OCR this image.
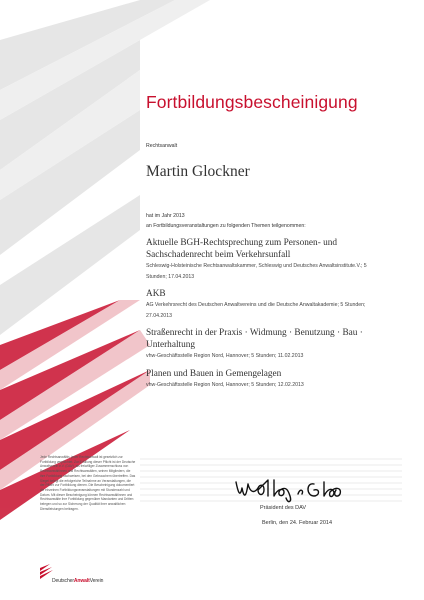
Fortbildungsbescheinigung
Rechtsanwalt
Martin Glockner
hat im Jahr 2013
an Fortbildungsveranstaltungen zu folgenden Themen teilgenommen:
Aktuelle BGH-Rechtsprechung zum Personen- und Sachschadenrecht beim Verkehrsunfall
Schleswig-Holsteinische Rechtsanwaltskammer, Schleswig und Deutsches Anwaltsinstitute.V.; 5 Stunden; 17.04.2013
AKB
AG Verkehrsrecht des Deutschen Anwaltvereins und die Deutsche Anwaltakademie; 5 Stunden; 27.04.2013
Straßenrecht in der Praxis · Widmung · Benutzung · Bau · Unterhaltung
vhw-Geschäftsstelle Region Nord, Hannover; 5 Stunden; 11.02.2013
Planen und Bauen in Gemengelagen
vhw-Geschäftsstelle Region Nord, Hannover; 5 Stunden; 12.02.2013
Jede Rechtsanwältin, jeder Rechtsanwalt ist gesetzlich zur Fortbildung verpflichtet. Zur Erfüllung dieser Pflicht ist der Deutsche Anwaltverein e.V. (DAV), als freiwilliger Zusammenschluss von Rechtsanwältinnen und Rechtsanwälten, seinen Mitgliedern, die ihre Fortbildung nachweisen, bei den Gebrauchern übertreffen. Das Siegel belegt die erfolgreiche Teilnahme an Veranstaltungen, die der Pflicht zur Fortbildung dienen. Die Bescheinigung dokumentiert die einzelnen Fortbildungsveranstaltungen mit Stundenzahl und Datum. Mit dieser Bescheinigung können Rechtsanwältinnen und Rechtsanwälte ihre Fortbildung gegenüber Mandanten und Dritten belegen und so zur Sicherung der Qualität ihrer anwaltlichen Dienstleistungen beitragen.	Präsident des DAV
Berlin, den 24. Februar 2014
DeutscherAnwaltVerein
